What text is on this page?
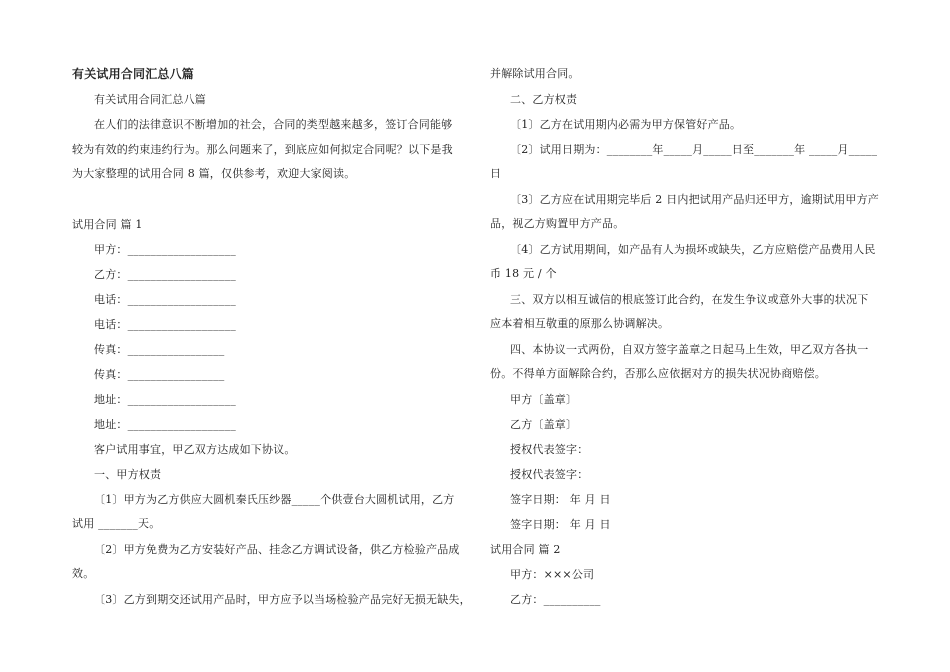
有关试用合同汇总八篇
有关试用合同汇总八篇
在人们的法律意识不断增加的社会，合同的类型越来越多，签订合同能够
较为有效的约束违约行为。那么问题来了，到底应如何拟定合同呢？以下是我
为大家整理的试用合同 8 篇，仅供参考，欢迎大家阅读。
试用合同 篇 1
甲方：___________________
乙方：___________________
电话：___________________
电话：___________________
传真：_________________
传真：_________________
地址：___________________
地址：___________________
客户试用事宜，甲乙双方达成如下协议。
一、甲方权责
〔1〕甲方为乙方供应大圆机秦氏压纱器_____个供壹台大圆机试用，乙方
试用 _______天。
〔2〕甲方免费为乙方安装好产品、挂念乙方调试设备，供乙方检验产品成
效。
〔3〕乙方到期交还试用产品时，甲方应予以当场检验产品完好无损无缺失，
并解除试用合同。
二、乙方权责
〔1〕乙方在试用期内必需为甲方保管好产品。
〔2〕试用日期为：________年_____月_____日至_______年 _____月_____
日
〔3〕乙方应在试用期完毕后 2 日内把试用产品归还甲方，逾期试用甲方产
品，视乙方购置甲方产品。
〔4〕乙方试用期间，如产品有人为损坏或缺失，乙方应赔偿产品费用人民
币 18 元 / 个
三、双方以相互诚信的根底签订此合约，在发生争议或意外大事的状况下
应本着相互敬重的原那么协调解决。
四、本协议一式两份，自双方签字盖章之日起马上生效，甲乙双方各执一
份。不得单方面解除合约，否那么应依据对方的损失状况协商赔偿。
甲方〔盖章〕
乙方〔盖章〕
授权代表签字：
授权代表签字：
签字日期： 年 月 日
签字日期： 年 月 日
试用合同 篇 2
甲方：×××公司
乙方：__________
